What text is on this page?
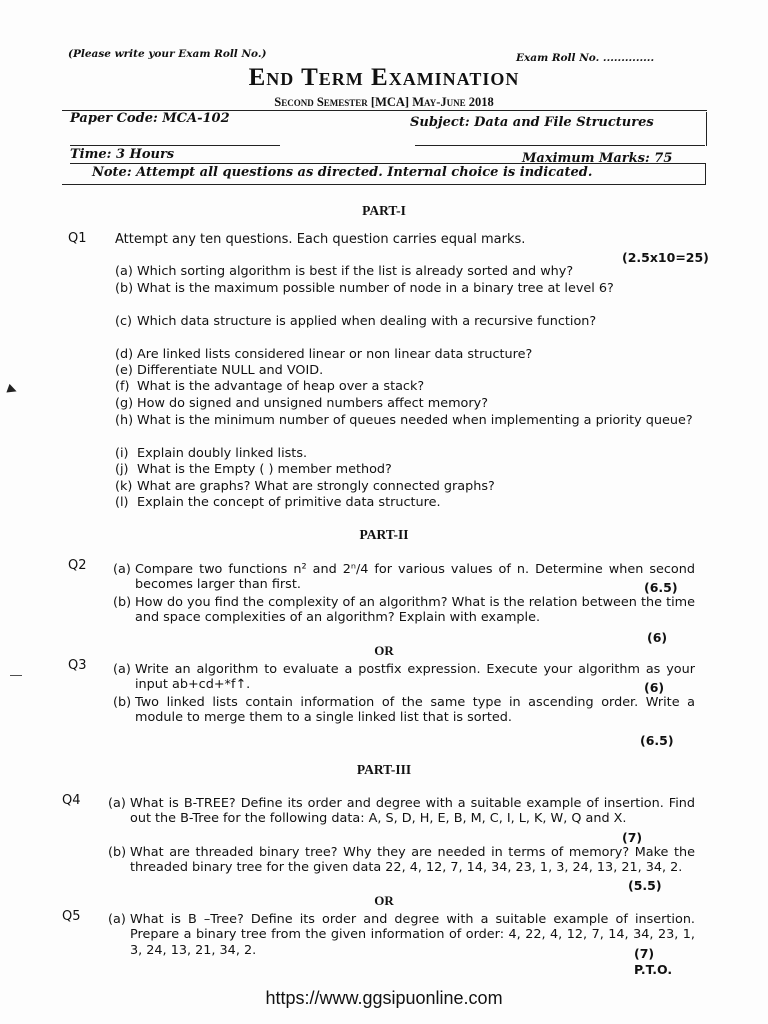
(Please write your Exam Roll No.)	Exam Roll No. ..............
End Term Examination
Second Semester [MCA] May-June 2018
Paper Code: MCA-102	Subject: Data and File Structures
Time: 3 Hours	Maximum Marks: 75
Note: Attempt all questions as directed. Internal choice is indicated.
PART-I
Q1 Attempt any ten questions. Each question carries equal marks.
(2.5x10=25)
(a) Which sorting algorithm is best if the list is already sorted and why?
(b) What is the maximum possible number of node in a binary tree at level 6?
(c) Which data structure is applied when dealing with a recursive function?
(d) Are linked lists considered linear or non linear data structure?
(e) Differentiate NULL and VOID.
(f) What is the advantage of heap over a stack?
(g) How do signed and unsigned numbers affect memory?
(h) What is the minimum number of queues needed when implementing a priority queue?
(i) Explain doubly linked lists.
(j) What is the Empty ( ) member method?
(k) What are graphs? What are strongly connected graphs?
(l) Explain the concept of primitive data structure.
PART-II
Q2 (a) Compare two functions n² and 2ⁿ/4 for various values of n. Determine when second becomes larger than first.	(6.5)
(b) How do you find the complexity of an algorithm? What is the relation between the time and space complexities of an algorithm? Explain with example.
(6)
OR
Q3 (a) Write an algorithm to evaluate a postfix expression. Execute your algorithm as your input ab+cd+*f↑.	(6)
(b) Two linked lists contain information of the same type in ascending order. Write a module to merge them to a single linked list that is sorted.
(6.5)
PART-III
Q4 (a) What is B-TREE? Define its order and degree with a suitable example of insertion. Find out the B-Tree for the following data: A, S, D, H, E, B, M, C, I, L, K, W, Q and X.
(7)
(b) What are threaded binary tree? Why they are needed in terms of memory? Make the threaded binary tree for the given data 22, 4, 12, 7, 14, 34, 23, 1, 3, 24, 13, 21, 34, 2.
(5.5)
OR
Q5 (a) What is B –Tree? Define its order and degree with a suitable example of insertion. Prepare a binary tree from the given information of order: 4, 22, 4, 12, 7, 14, 34, 23, 1, 3, 24, 13, 21, 34, 2.	(7)
P.T.O.
▶
―
https://www.ggsipuonline.com
